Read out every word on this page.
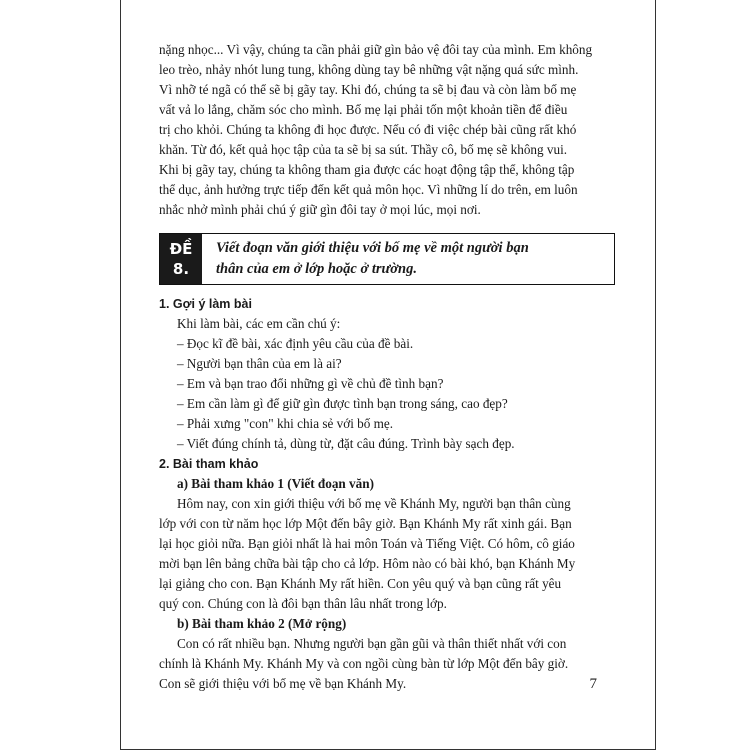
nặng nhọc... Vì vậy, chúng ta cần phải giữ gìn bảo vệ đôi tay của mình. Em không

leo trèo, nhảy nhót lung tung, không dùng tay bê những vật nặng quá sức mình.

Vì nhỡ té ngã có thể sẽ bị gãy tay. Khi đó, chúng ta sẽ bị đau và còn làm bố mẹ

vất vả lo lắng, chăm sóc cho mình. Bố mẹ lại phải tốn một khoản tiền để điều

trị cho khỏi. Chúng ta không đi học được. Nếu có đi việc chép bài cũng rất khó

khăn. Từ đó, kết quả học tập của ta sẽ bị sa sút. Thầy cô, bố mẹ sẽ không vui.

Khi bị gãy tay, chúng ta không tham gia được các hoạt động tập thể, không tập

thể dục, ảnh hưởng trực tiếp đến kết quả môn học. Vì những lí do trên, em luôn

nhắc nhở mình phải chú ý giữ gìn đôi tay ở mọi lúc, mọi nơi.

ĐỀ
8.
Viết đoạn văn giới thiệu với bố mẹ về một người bạn
thân của em ở lớp hoặc ở trường.

1. Gợi ý làm bài

Khi làm bài, các em cần chú ý:

– Đọc kĩ đề bài, xác định yêu cầu của đề bài.

– Người bạn thân của em là ai?

– Em và bạn trao đổi những gì về chủ đề tình bạn?

– Em cần làm gì để giữ gìn được tình bạn trong sáng, cao đẹp?

– Phải xưng "con" khi chia sẻ với bố mẹ.

– Viết đúng chính tả, dùng từ, đặt câu đúng. Trình bày sạch đẹp.

2. Bài tham khảo

a) Bài tham khảo 1 (Viết đoạn văn)

Hôm nay, con xin giới thiệu với bố mẹ về Khánh My, người bạn thân cùng

lớp với con từ năm học lớp Một đến bây giờ. Bạn Khánh My rất xinh gái. Bạn

lại học giỏi nữa. Bạn giỏi nhất là hai môn Toán và Tiếng Việt. Có hôm, cô giáo

mời bạn lên bảng chữa bài tập cho cả lớp. Hôm nào có bài khó, bạn Khánh My

lại giảng cho con. Bạn Khánh My rất hiền. Con yêu quý và bạn cũng rất yêu

quý con. Chúng con là đôi bạn thân lâu nhất trong lớp.

b) Bài tham khảo 2 (Mở rộng)

Con có rất nhiều bạn. Nhưng người bạn gần gũi và thân thiết nhất với con

chính là Khánh My. Khánh My và con ngồi cùng bàn từ lớp Một đến bây giờ.

Con sẽ giới thiệu với bố mẹ về bạn Khánh My.	7
